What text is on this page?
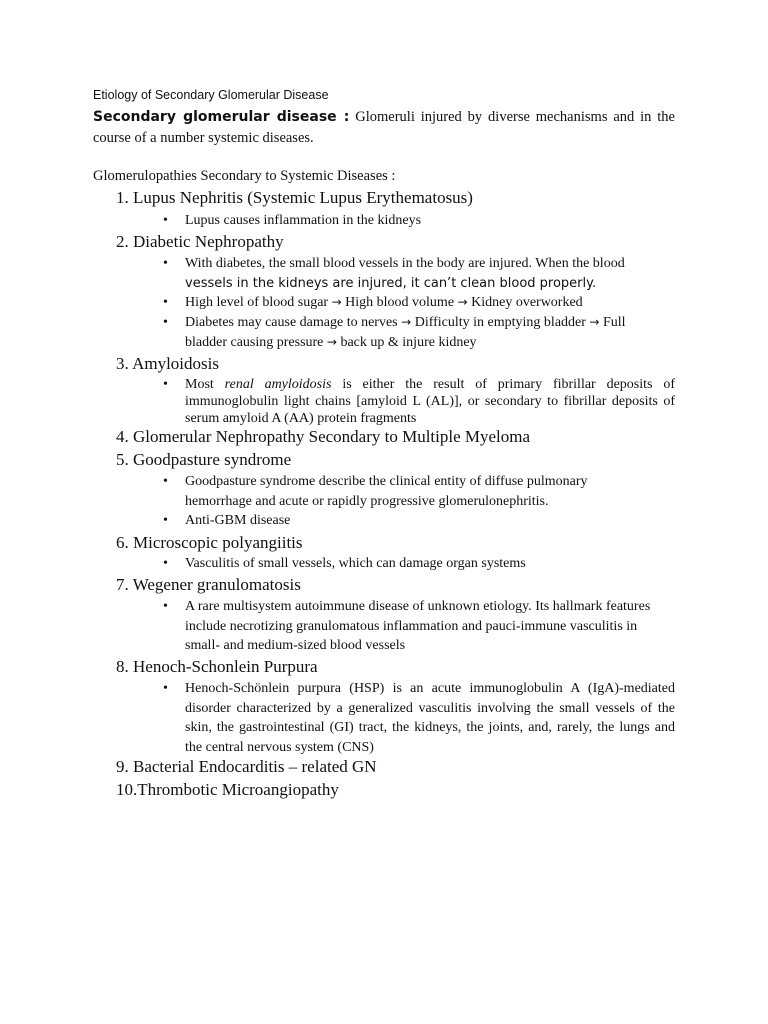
Etiology of Secondary Glomerular Disease
Secondary glomerular disease : Glomeruli injured by diverse mechanisms and in the course of a number systemic diseases.
Glomerulopathies Secondary to Systemic Diseases :
1. Lupus Nephritis (Systemic Lupus Erythematosus)
• Lupus causes inflammation in the kidneys
2. Diabetic Nephropathy
• With diabetes, the small blood vessels in the body are injured. When the blood
vessels in the kidneys are injured, it can’t clean blood properly.
• High level of blood sugar → High blood volume → Kidney overworked
• Diabetes may cause damage to nerves → Difficulty in emptying bladder → Full
bladder causing pressure → back up & injure kidney
3. Amyloidosis
• Most renal amyloidosis is either the result of primary fibrillar deposits of immunoglobulin light chains [amyloid L (AL)], or secondary to fibrillar deposits of serum amyloid A (AA) protein fragments
4. Glomerular Nephropathy Secondary to Multiple Myeloma
5. Goodpasture syndrome
• Goodpasture syndrome describe the clinical entity of diffuse pulmonary hemorrhage and acute or rapidly progressive glomerulonephritis.
• Anti-GBM disease
6. Microscopic polyangiitis
• Vasculitis of small vessels, which can damage organ systems
7. Wegener granulomatosis
• A rare multisystem autoimmune disease of unknown etiology. Its hallmark features include necrotizing granulomatous inflammation and pauci-immune vasculitis in small- and medium-sized blood vessels
8. Henoch-Schonlein Purpura
• Henoch-Schönlein purpura (HSP) is an acute immunoglobulin A (IgA)-mediated disorder characterized by a generalized vasculitis involving the small vessels of the skin, the gastrointestinal (GI) tract, the kidneys, the joints, and, rarely, the lungs and the central nervous system (CNS)
9. Bacterial Endocarditis – related GN
10.Thrombotic Microangiopathy
